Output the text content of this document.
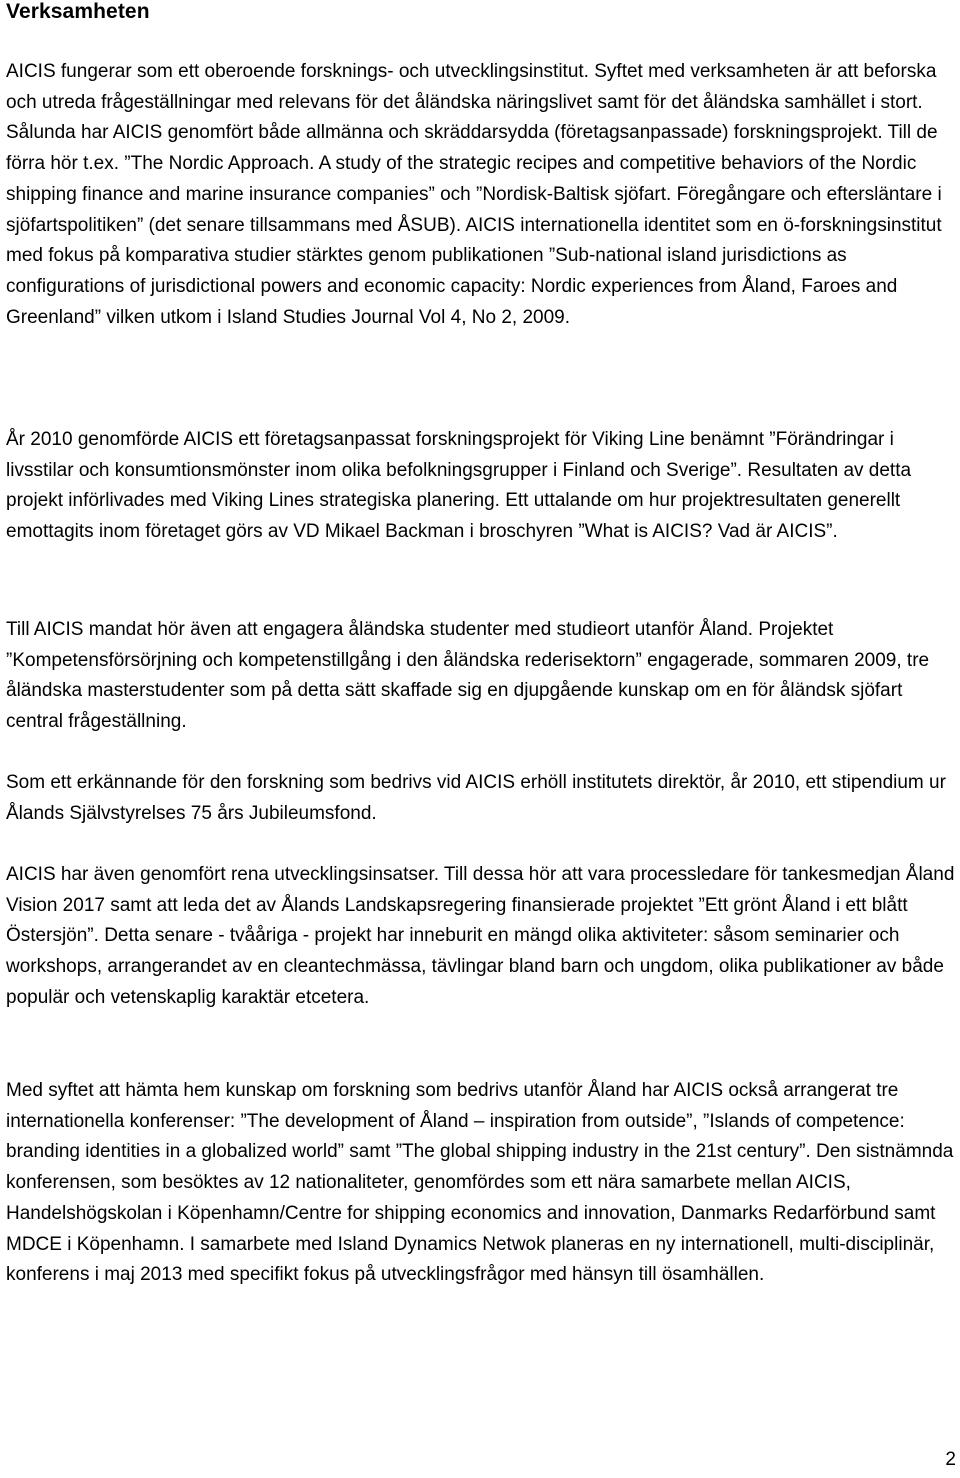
Verksamheten

AICIS fungerar som ett oberoende forsknings- och utvecklingsinstitut. Syftet med verksamheten är att beforska och utreda frågeställningar med relevans för det åländska näringslivet samt för det åländska samhället i stort. Sålunda har AICIS genomfört både allmänna och skräddarsydda (företagsanpassade) forskningsprojekt. Till de förra hör t.ex. ”The Nordic Approach. A study of the strategic recipes and competitive behaviors of the Nordic shipping finance and marine insurance companies” och ”Nordisk-Baltisk sjöfart. Föregångare och eftersläntare i sjöfartspolitiken” (det senare tillsammans med ÅSUB). AICIS internationella identitet som en ö-forskningsinstitut med fokus på komparativa studier stärktes genom publikationen ”Sub-national island jurisdictions as configurations of jurisdictional powers and economic capacity: Nordic experiences from Åland, Faroes and Greenland” vilken utkom i Island Studies Journal Vol 4, No 2, 2009.

År 2010 genomförde AICIS ett företagsanpassat forskningsprojekt för Viking Line benämnt ”Förändringar i livsstilar och konsumtionsmönster inom olika befolkningsgrupper i Finland och Sverige”. Resultaten av detta projekt införlivades med Viking Lines strategiska planering. Ett uttalande om hur projektresultaten generellt emottagits inom företaget görs av VD Mikael Backman i broschyren ”What is AICIS? Vad är AICIS”.

Till AICIS mandat hör även att engagera åländska studenter med studieort utanför Åland. Projektet ”Kompetensförsörjning och kompetenstillgång i den åländska rederisektorn” engagerade, sommaren 2009, tre åländska masterstudenter som på detta sätt skaffade sig en djupgående kunskap om en för åländsk sjöfart central frågeställning.

Som ett erkännande för den forskning som bedrivs vid AICIS erhöll institutets direktör, år 2010, ett stipendium ur Ålands Självstyrelses 75 års Jubileumsfond.

AICIS har även genomfört rena utvecklingsinsatser. Till dessa hör att vara processledare för tankesmedjan Åland Vision 2017 samt att leda det av Ålands Landskapsregering finansierade projektet ”Ett grönt Åland i ett blått Östersjön”. Detta senare - tvååriga - projekt har inneburit en mängd olika aktiviteter: såsom seminarier och workshops, arrangerandet av en cleantechmässa, tävlingar bland barn och ungdom, olika publikationer av både populär och vetenskaplig karaktär etcetera.

Med syftet att hämta hem kunskap om forskning som bedrivs utanför Åland har AICIS också arrangerat tre internationella konferenser: ”The development of Åland – inspiration from outside”, ”Islands of competence: branding identities in a globalized world” samt ”The global shipping industry in the 21st century”. Den sistnämnda konferensen, som besöktes av 12 nationaliteter, genomfördes som ett nära samarbete mellan AICIS, Handelshögskolan i Köpenhamn/Centre for shipping economics and innovation, Danmarks Redarförbund samt MDCE i Köpenhamn. I samarbete med Island Dynamics Netwok planeras en ny internationell, multi-disciplinär, konferens i maj 2013 med specifikt fokus på utvecklingsfrågor med hänsyn till ösamhällen.

2
